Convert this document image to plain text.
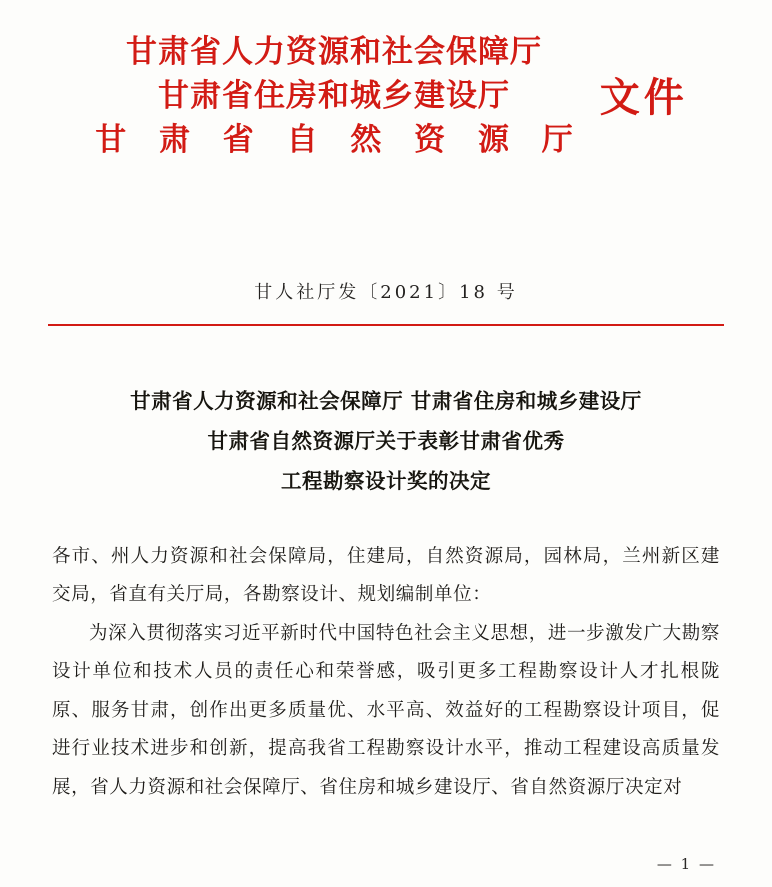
甘肃省人力资源和社会保障厅
甘肃省住房和城乡建设厅
甘 肃 省 自 然 资 源 厅
文件
甘人社厅发〔2021〕18 号
甘肃省人力资源和社会保障厅 甘肃省住房和城乡建设厅
甘肃省自然资源厅关于表彰甘肃省优秀
工程勘察设计奖的决定

各市、州人力资源和社会保障局，住建局，自然资源局，园林局，兰州新区建交局，省直有关厅局，各勘察设计、规划编制单位：

为深入贯彻落实习近平新时代中国特色社会主义思想，进一步激发广大勘察设计单位和技术人员的责任心和荣誉感，吸引更多工程勘察设计人才扎根陇原、服务甘肃，创作出更多质量优、水平高、效益好的工程勘察设计项目，促进行业技术进步和创新，提高我省工程勘察设计水平，推动工程建设高质量发展，省人力资源和社会保障厅、省住房和城乡建设厅、省自然资源厅决定对

— 1 —
